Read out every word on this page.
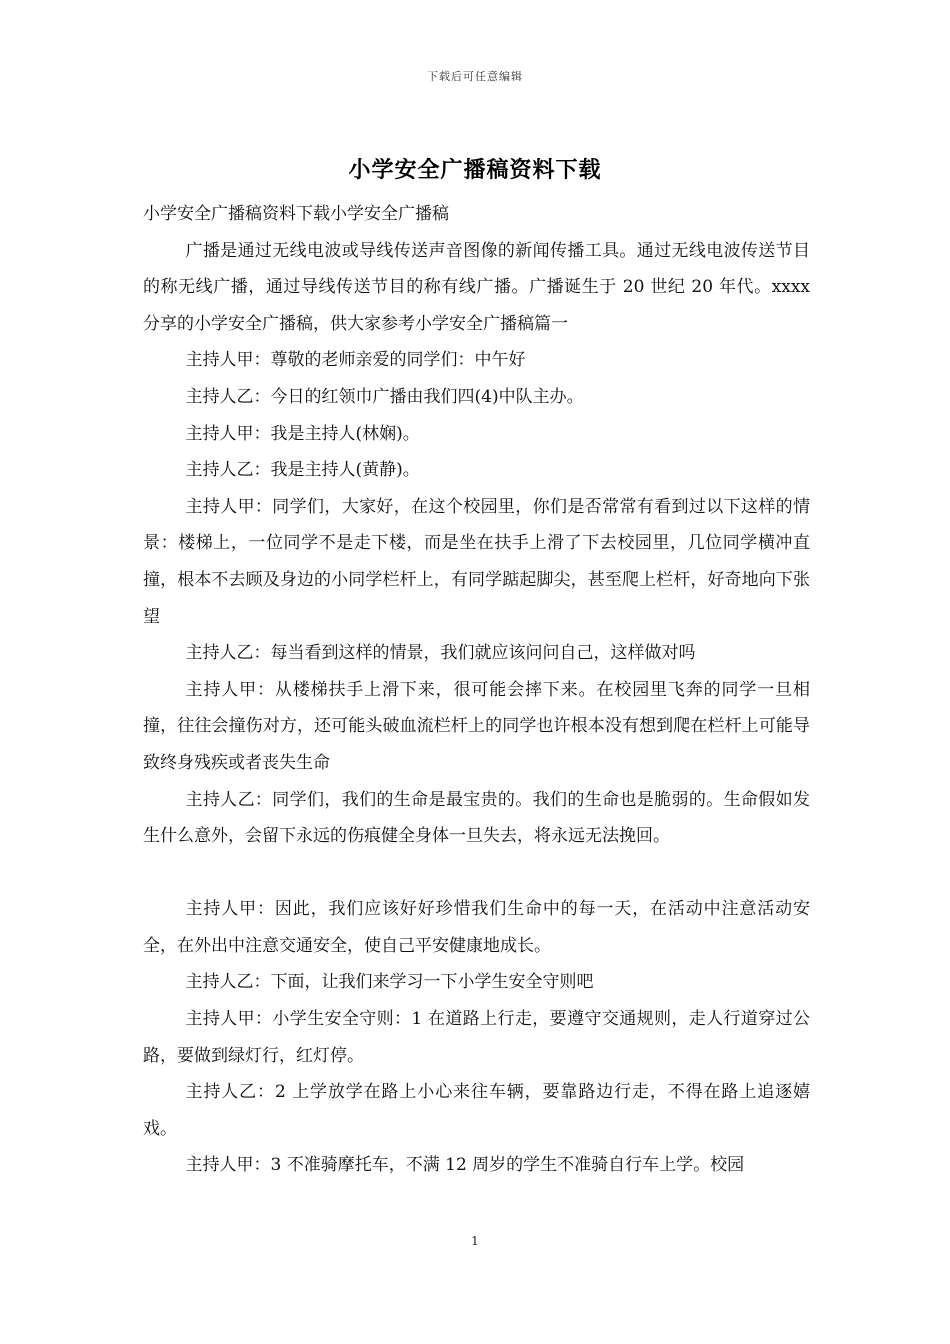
下载后可任意编辑
小学安全广播稿资料下载

小学安全广播稿资料下载小学安全广播稿

广播是通过无线电波或导线传送声音图像的新闻传播工具。通过无线电波传送节目的称无线广播，通过导线传送节目的称有线广播。广播诞生于 20 世纪 20 年代。xxxx 分享的小学安全广播稿，供大家参考小学安全广播稿篇一

主持人甲：尊敬的老师亲爱的同学们：中午好

主持人乙：今日的红领巾广播由我们四(4)中队主办。

主持人甲：我是主持人(林娴)。

主持人乙：我是主持人(黄静)。

主持人甲：同学们，大家好，在这个校园里，你们是否常常有看到过以下这样的情景：楼梯上，一位同学不是走下楼，而是坐在扶手上滑了下去校园里，几位同学横冲直撞，根本不去顾及身边的小同学栏杆上，有同学踮起脚尖，甚至爬上栏杆，好奇地向下张望

主持人乙：每当看到这样的情景，我们就应该问问自己，这样做对吗

主持人甲：从楼梯扶手上滑下来，很可能会摔下来。在校园里飞奔的同学一旦相撞，往往会撞伤对方，还可能头破血流栏杆上的同学也许根本没有想到爬在栏杆上可能导致终身残疾或者丧失生命

主持人乙：同学们，我们的生命是最宝贵的。我们的生命也是脆弱的。生命假如发生什么意外，会留下永远的伤痕健全身体一旦失去，将永远无法挽回。

主持人甲：因此，我们应该好好珍惜我们生命中的每一天，在活动中注意活动安全，在外出中注意交通安全，使自己平安健康地成长。

主持人乙：下面，让我们来学习一下小学生安全守则吧

主持人甲：小学生安全守则：1 在道路上行走，要遵守交通规则，走人行道穿过公路，要做到绿灯行，红灯停。

主持人乙：2 上学放学在路上小心来往车辆，要靠路边行走，不得在路上追逐嬉戏。

主持人甲：3 不准骑摩托车，不满 12 周岁的学生不准骑自行车上学。校园

1
